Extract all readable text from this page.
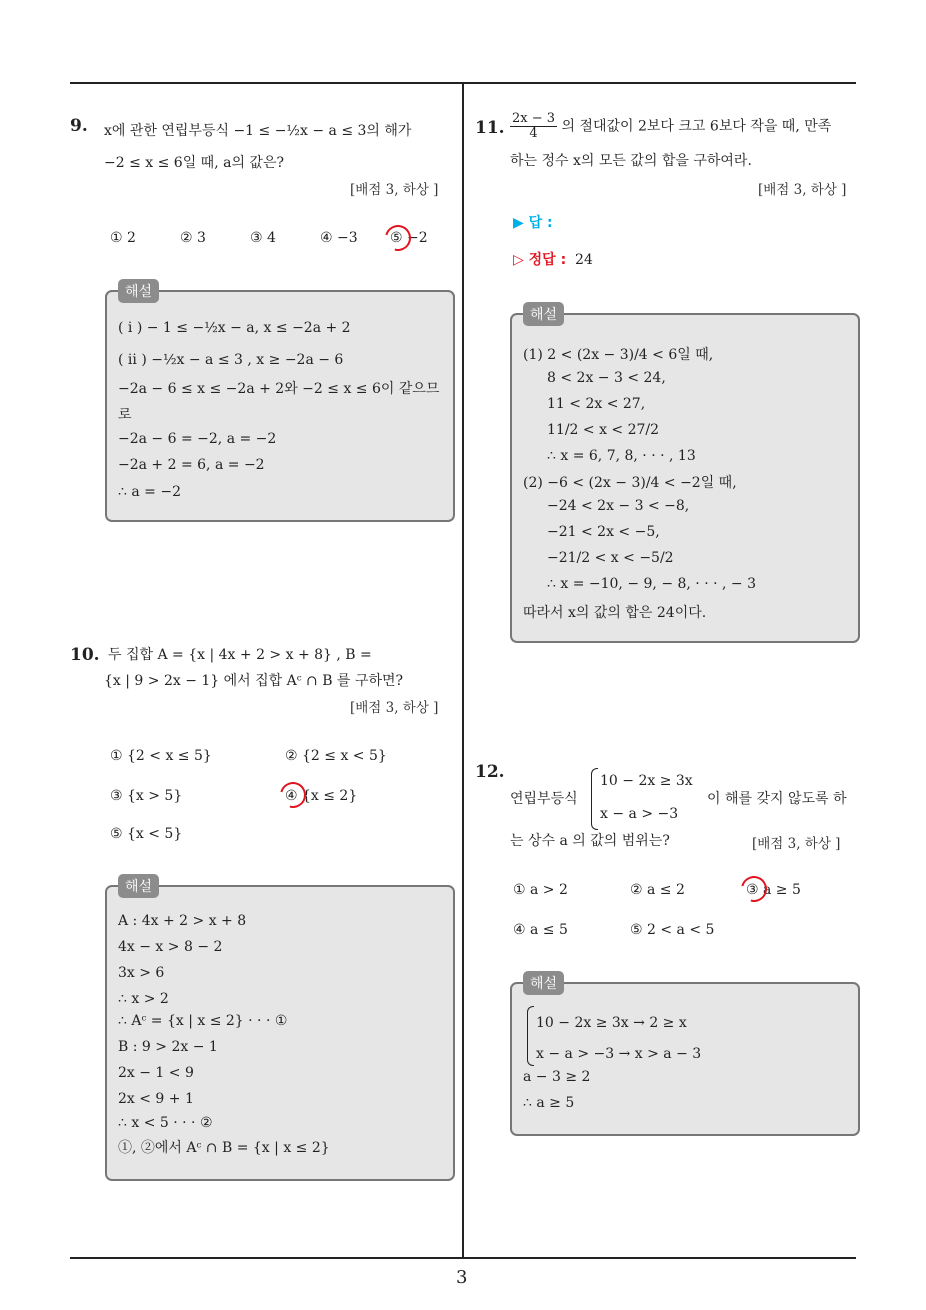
9. x에 관한 연립부등식 −1 ≤ −½x − a ≤ 3의 해가
−2 ≤ x ≤ 6일 때, a의 값은?
[배점 3, 하상 ]
① 2	② 3	③ 4	④ −3 ⑤ −2
해설
( i ) − 1 ≤ −½x − a, x ≤ −2a + 2
( ii ) −½x − a ≤ 3 , x ≥ −2a − 6
−2a − 6 ≤ x ≤ −2a + 2와 −2 ≤ x ≤ 6이 같으므
로
−2a − 6 = −2, a = −2
−2a + 2 = 6, a = −2
∴ a = −2
10. 두 집합 A = {x | 4x + 2 > x + 8} , B =
{x | 9 > 2x − 1} 에서 집합 Aᶜ ∩ B 를 구하면?
[배점 3, 하상 ]
① {2 < x ≤ 5}	② {2 ≤ x < 5}
③ {x > 5}	④ {x ≤ 2}
⑤ {x < 5}
해설
A : 4x + 2 > x + 8
4x − x > 8 − 2
3x > 6
∴ x > 2
∴ Aᶜ = {x | x ≤ 2} · · · ①
B : 9 > 2x − 1
2x − 1 < 9
2x < 9 + 1
∴ x < 5 · · · ②
①, ②에서 Aᶜ ∩ B = {x | x ≤ 2}
11. $\frac{2x - 3}{4}$ 의 절대값이 2보다 크고 6보다 작을 때, 만족
하는 정수 x의 모든 값의 합을 구하여라.
[배점 3, 하상 ]
▶ 답 :
▷ 정답 : 24
해설
(1) 2 < (2x − 3)/4 < 6일 때,
8 < 2x − 3 < 24,
11 < 2x < 27,
11/2 < x < 27/2
∴ x = 6, 7, 8, · · · , 13
(2) −6 < (2x − 3)/4 < −2일 때,
−24 < 2x − 3 < −8,
−21 < 2x < −5,
−21/2 < x < −5/2
∴ x = −10, − 9, − 8, · · · , − 3
따라서 x의 값의 합은 24이다.
12.
연립부등식
10 − 2x ≥ 3x
x − a > −3
이 해를 갖지 않도록 하
는 상수 a 의 값의 범위는?	[배점 3, 하상 ]
① a > 2	② a ≤ 2	③ a ≥ 5
④ a ≤ 5	⑤ 2 < a < 5
해설
10 − 2x ≥ 3x → 2 ≥ x
x − a > −3 → x > a − 3
a − 3 ≥ 2
∴ a ≥ 5
3
